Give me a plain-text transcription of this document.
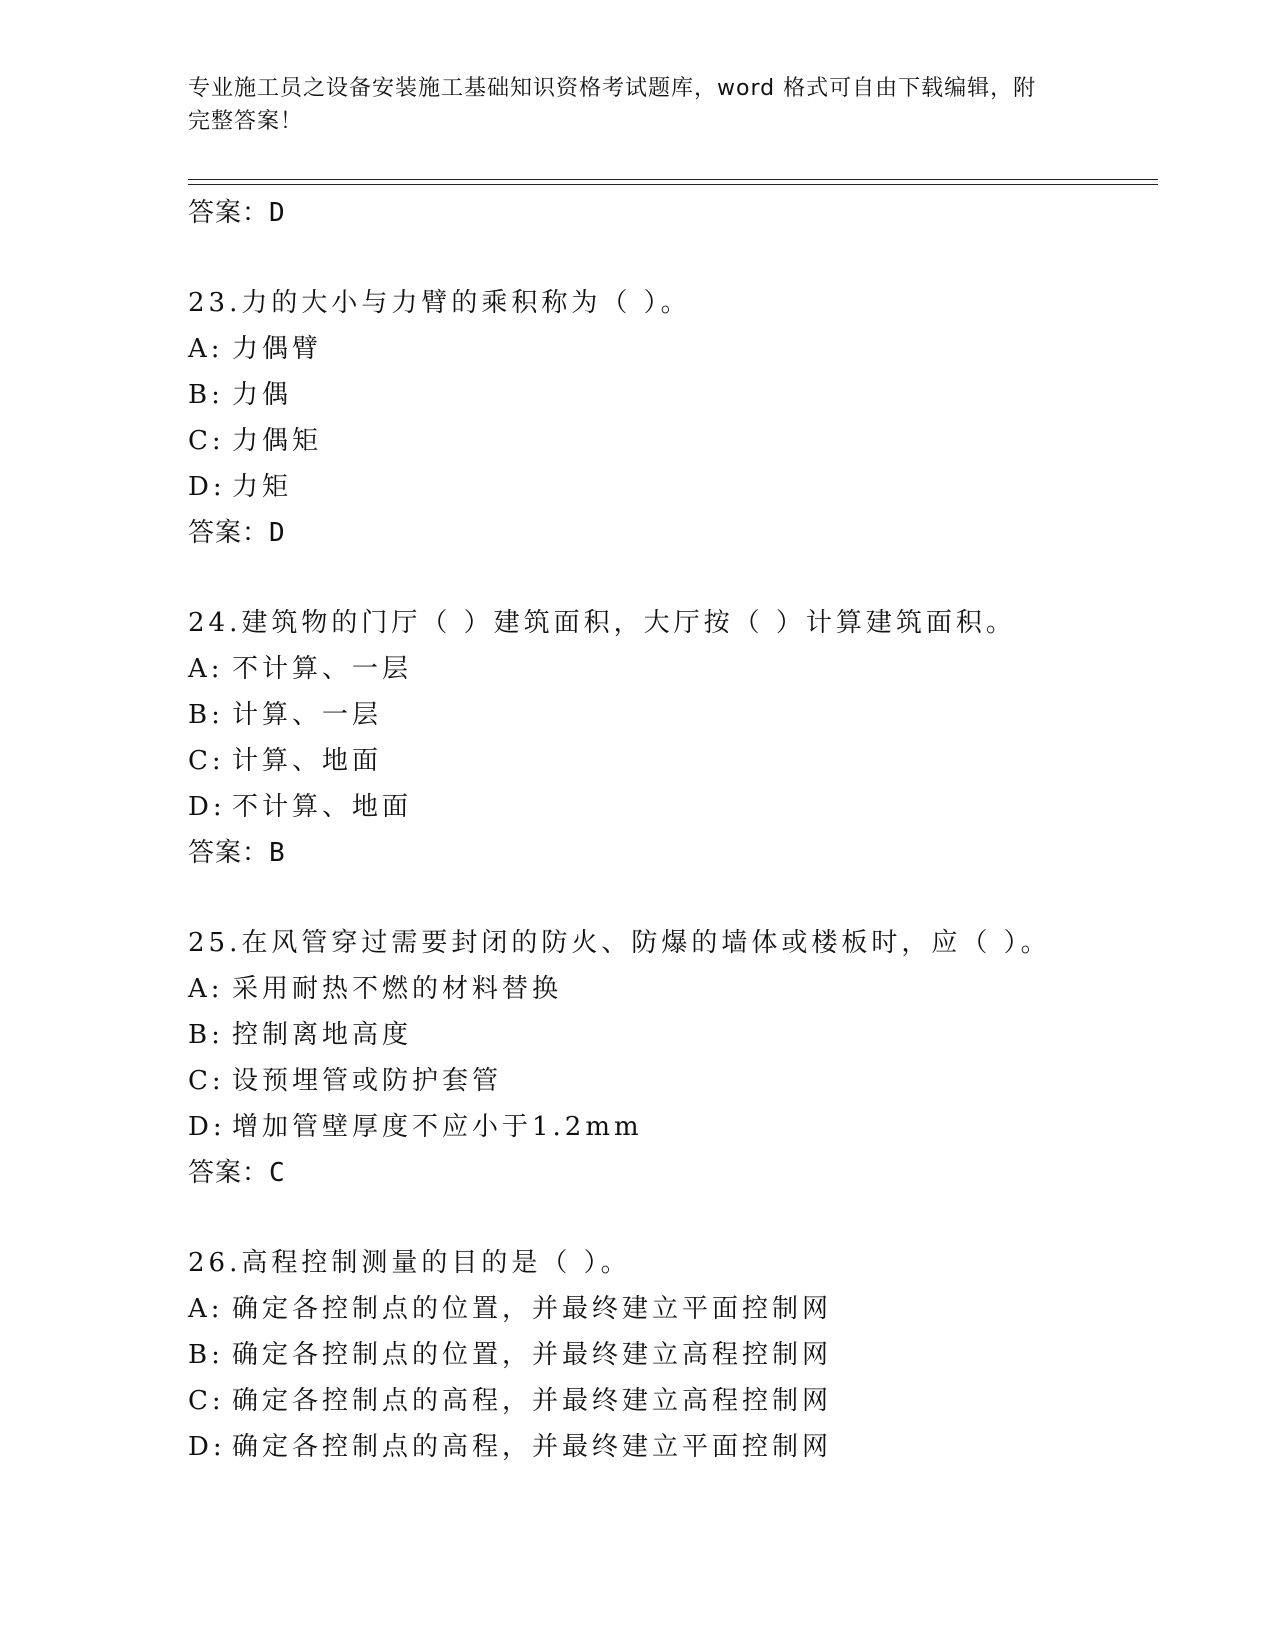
专业施工员之设备安装施工基础知识资格考试题库，word 格式可自由下载编辑，附完整答案！
答案：D
23.力的大小与力臂的乘积称为（ ）。
A: 力偶臂
B: 力偶
C: 力偶矩
D: 力矩
答案：D
24.建筑物的门厅（ ）建筑面积，大厅按（ ）计算建筑面积。
A: 不计算、一层
B: 计算、一层
C: 计算、地面
D: 不计算、地面
答案：B
25.在风管穿过需要封闭的防火、防爆的墙体或楼板时，应（ ）。
A: 采用耐热不燃的材料替换
B: 控制离地高度
C: 设预埋管或防护套管
D: 增加管壁厚度不应小于1.2mm
答案：C
26.高程控制测量的目的是（ ）。
A: 确定各控制点的位置，并最终建立平面控制网
B: 确定各控制点的位置，并最终建立高程控制网
C: 确定各控制点的高程，并最终建立高程控制网
D: 确定各控制点的高程，并最终建立平面控制网
